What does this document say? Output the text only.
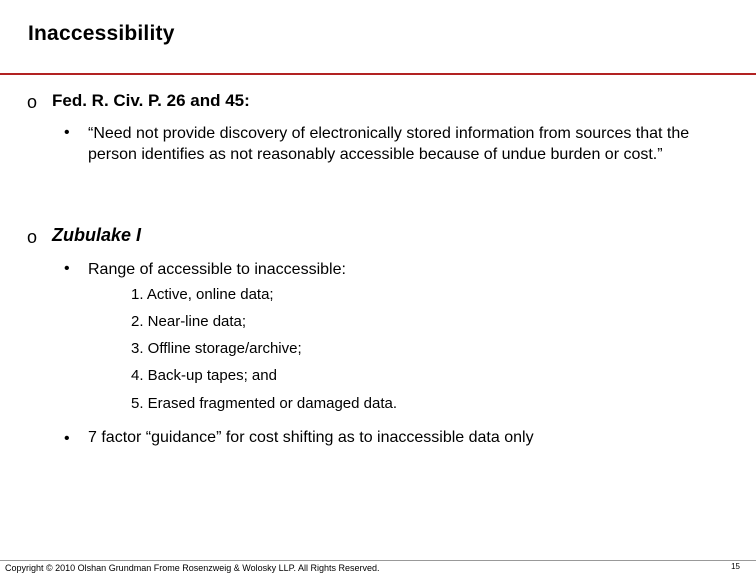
Inaccessibility
o Fed. R. Civ. P. 26 and 45:
• “Need not provide discovery of electronically stored information from sources that the person identifies as not reasonably accessible because of undue burden or cost.”
o Zubulake I
• Range of accessible to inaccessible:
1. Active, online data;
2. Near-line data;
3. Offline storage/archive;
4. Back-up tapes; and
5. Erased fragmented or damaged data.
• 7 factor “guidance” for cost shifting as to inaccessible data only
Copyright © 2010 Olshan Grundman Frome Rosenzweig & Wolosky LLP. All Rights Reserved.	15
